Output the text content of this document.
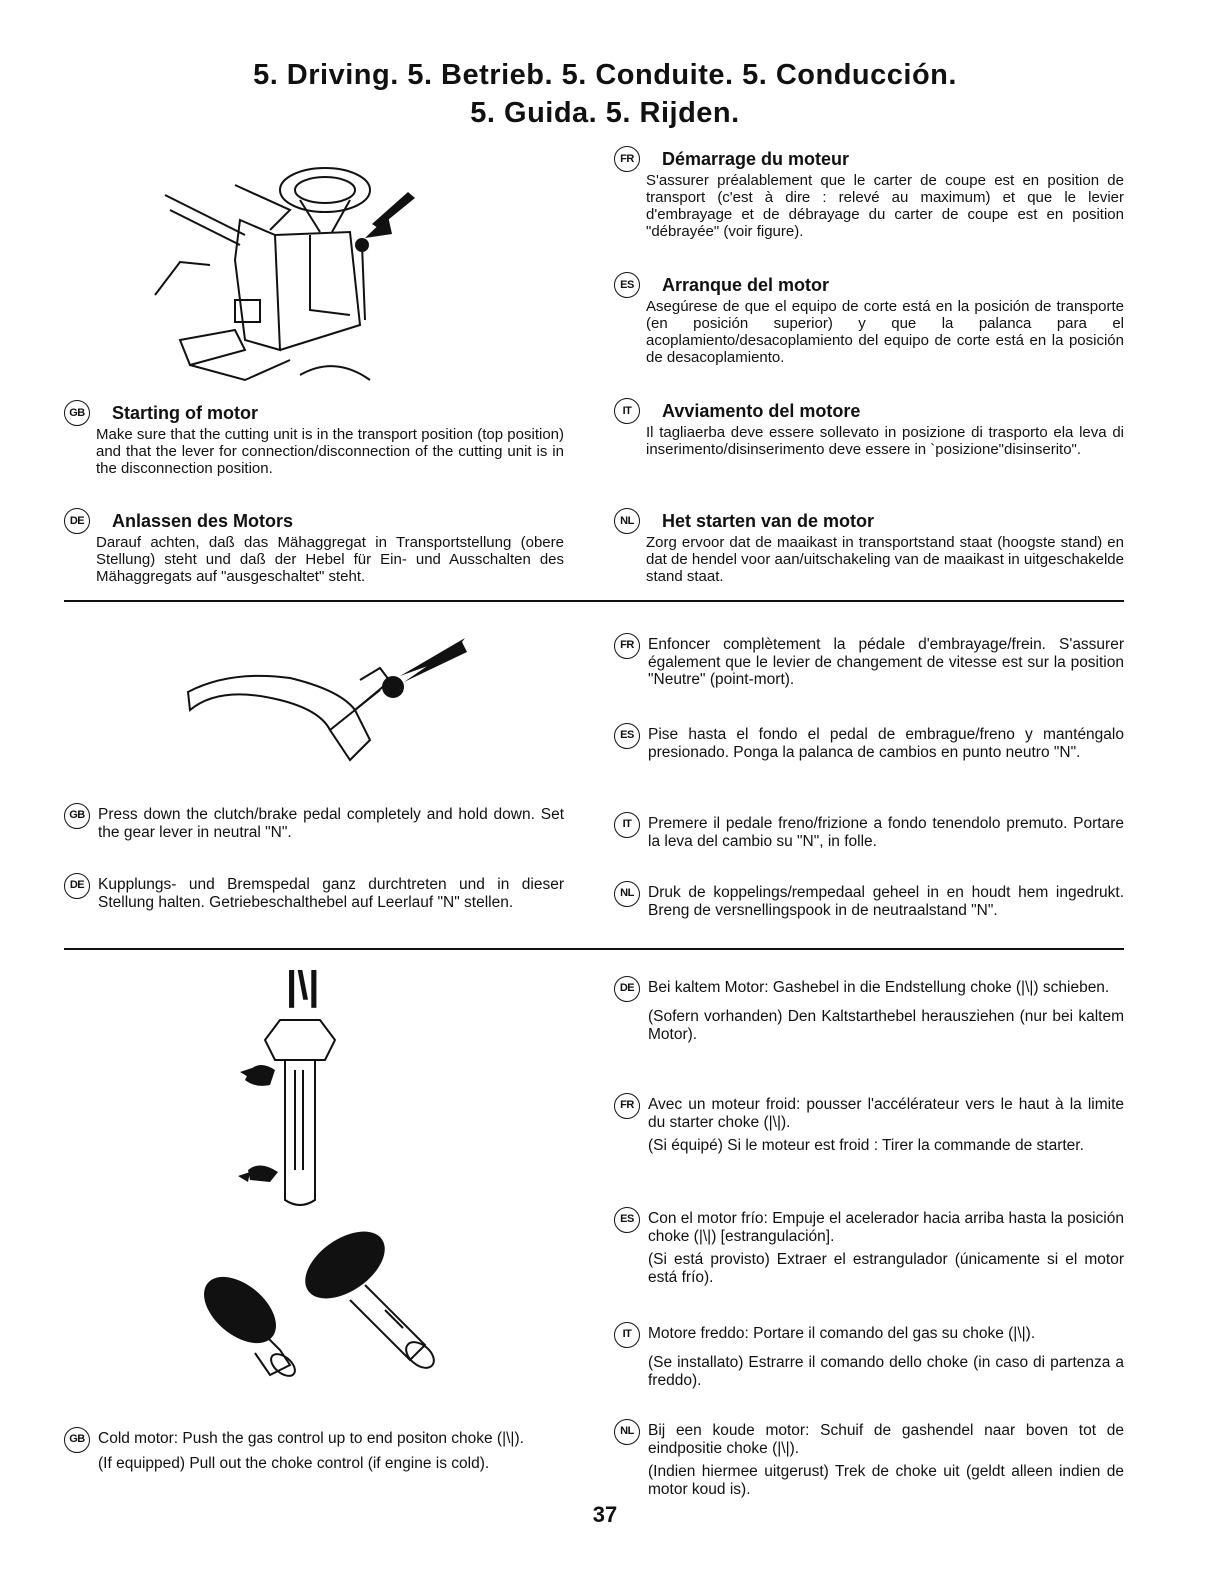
5. Driving. 5. Betrieb. 5. Conduite. 5. Conducción.
5. Guida. 5. Rijden.
GB Starting of motor
Make sure that the cutting unit is in the transport position (top position) and that the lever for connection/disconnection of the cutting unit is in the disconnection position.
DE	Anlassen des Motors
Darauf achten, daß das Mähaggregat in Transportstellung (obere Stellung) steht und daß der Hebel für Ein- und Ausschalten des Mähaggregats auf "ausgeschaltet" steht.
FR	Démarrage du moteur
S'assurer préalablement que le carter de coupe est en position de transport (c'est à dire : relevé au maximum) et que le levier d'embrayage et de débrayage du carter de coupe est en position "débrayée" (voir figure).
ES	Arranque del motor
Asegúrese de que el equipo de corte está en la posición de transporte (en posición superior) y que la palanca para el acoplamiento/desacoplamiento del equipo de corte está en la posición de desacoplamiento.
IT	Avviamento del motore
Il tagliaerba deve essere sollevato in posizione di trasporto ela leva di inserimento/disinserimento deve essere in `posizione"disinserito".
NL	Het starten van de motor
Zorg ervoor dat de maaikast in transportstand staat (hoogste stand) en dat de hendel voor aan/uitschakeling van de maaikast in uitgeschakelde stand staat.
GB Press down the clutch/brake pedal completely and hold down. Set the gear lever in neutral "N".
DE Kupplungs- und Bremspedal ganz durchtreten und in dieser Stellung halten. Getriebeschalthebel auf Leerlauf "N" stellen.
FR Enfoncer complètement la pédale d'embrayage/frein. S'assurer également que le levier de changement de vitesse est sur la position "Neutre" (point-mort).
ES Pise hasta el fondo el pedal de embrague/freno y manténgalo presionado. Ponga la palanca de cambios en punto neutro "N".
IT	Premere il pedale freno/frizione a fondo tenendolo premuto. Portare la leva del cambio su "N", in folle.
NL Druk de koppelings/rempedaal geheel in en houdt hem ingedrukt. Breng de versnellingspook in de neutraalstand "N".
|\|
GB Cold motor: Push the gas control up to end positon choke (|\|).
(If equipped) Pull out the choke control (if engine is cold).
DE Bei kaltem Motor: Gashebel in die Endstellung choke (|\|) schieben.
(Sofern vorhanden) Den Kaltstarthebel herausziehen (nur bei kaltem Motor).
FR Avec un moteur froid: pousser l'accélérateur vers le haut à la limite du starter choke (|\|).
(Si équipé) Si le moteur est froid : Tirer la commande de starter.
ES Con el motor frío: Empuje el acelerador hacia arriba hasta la posición choke (|\|) [estrangulación].
(Si está provisto) Extraer el estrangulador (únicamente si el motor está frío).
IT	Motore freddo: Portare il comando del gas su choke (|\|).
(Se installato) Estrarre il comando dello choke (in caso di partenza a freddo).
NL Bij een koude motor: Schuif de gashendel naar boven tot de eindpositie choke (|\|).
(Indien hiermee uitgerust) Trek de choke uit (geldt alleen indien de motor koud is).
37
